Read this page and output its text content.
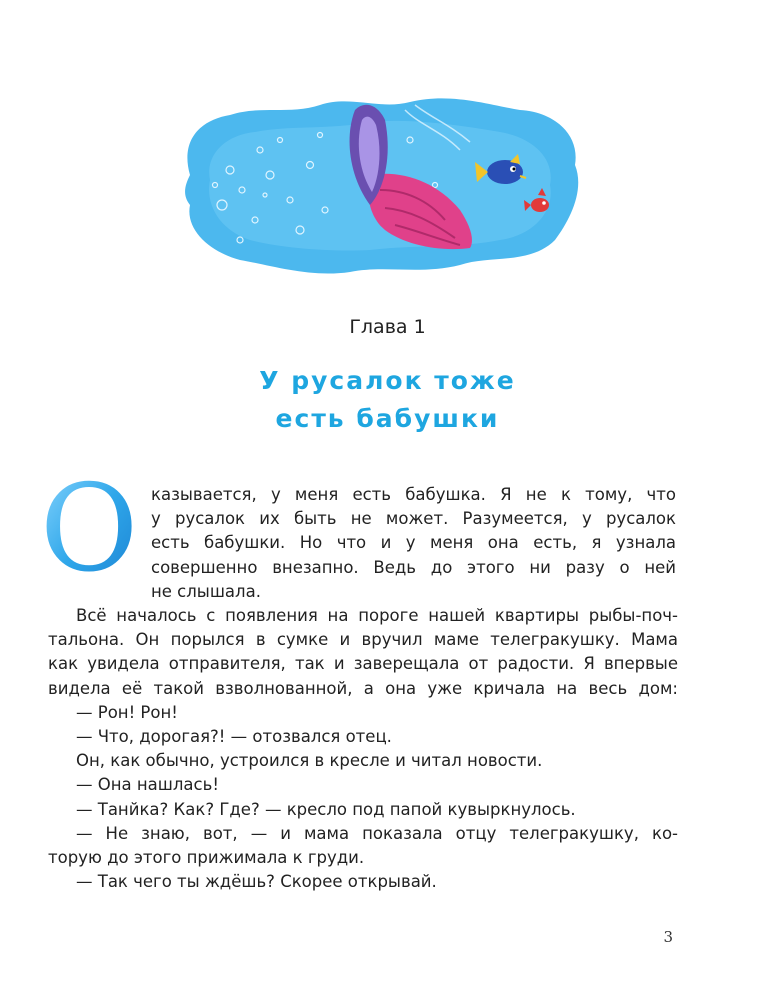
Глава 1
У русалок тоже
есть бабушки
О казывается, у меня есть бабушка. Я не к тому, что
у русалок их быть не может. Разумеется, у русалок
есть бабушки. Но что и у меня она есть, я узнала
совершенно внезапно. Ведь до этого ни разу о ней
не слышала.
Всё началось с появления на пороге нашей квартиры рыбы-поч-
тальона. Он порылся в сумке и вручил маме телегракушку. Мама
как увидела отправителя, так и заверещала от радости. Я впервые
видела её такой взволнованной, а она уже кричала на весь дом:
— Рон! Рон!
— Что, дорогая?! — отозвался отец.
Он, как обычно, устроился в кресле и читал новости.
— Она нашлась!
— Танйка? Как? Где? — кресло под папой кувыркнулось.
— Не знаю, вот, — и мама показала отцу телегракушку, ко-
торую до этого прижимала к груди.
— Так чего ты ждёшь? Скорее открывай.
3
